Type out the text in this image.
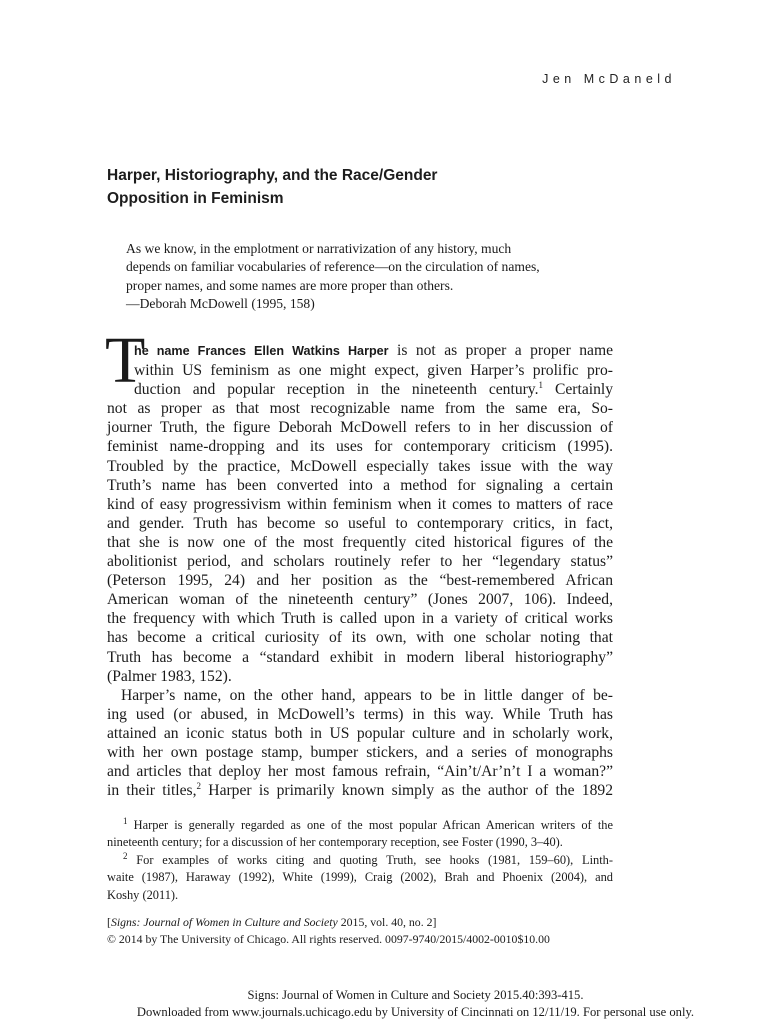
Jen McDaneld
Harper, Historiography, and the Race/Gender
Opposition in Feminism
As we know, in the emplotment or narrativization of any history, much
depends on familiar vocabularies of reference—on the circulation of names,
proper names, and some names are more proper than others.
—Deborah McDowell (1995, 158)
T
he name Frances Ellen Watkins Harper is not as proper a proper name
within US feminism as one might expect, given Harper’s prolific pro-
duction and popular reception in the nineteenth century.$^1$ Certainly
not as proper as that most recognizable name from the same era, So-
journer Truth, the figure Deborah McDowell refers to in her discussion of
feminist name-dropping and its uses for contemporary criticism (1995).
Troubled by the practice, McDowell especially takes issue with the way
Truth’s name has been converted into a method for signaling a certain
kind of easy progressivism within feminism when it comes to matters of race
and gender. Truth has become so useful to contemporary critics, in fact,
that she is now one of the most frequently cited historical figures of the
abolitionist period, and scholars routinely refer to her “legendary status”
(Peterson 1995, 24) and her position as the “best-remembered African
American woman of the nineteenth century” (Jones 2007, 106). Indeed,
the frequency with which Truth is called upon in a variety of critical works
has become a critical curiosity of its own, with one scholar noting that
Truth has become a “standard exhibit in modern liberal historiography”
(Palmer 1983, 152).
Harper’s name, on the other hand, appears to be in little danger of be-
ing used (or abused, in McDowell’s terms) in this way. While Truth has
attained an iconic status both in US popular culture and in scholarly work,
with her own postage stamp, bumper stickers, and a series of monographs
and articles that deploy her most famous refrain, “Ain’t/Ar’n’t I a woman?”
in their titles,$^2$ Harper is primarily known simply as the author of the 1892
$^1$ Harper is generally regarded as one of the most popular African American writers of the
nineteenth century; for a discussion of her contemporary reception, see Foster (1990, 3–40).
$^2$ For examples of works citing and quoting Truth, see hooks (1981, 159–60), Linth-
waite (1987), Haraway (1992), White (1999), Craig (2002), Brah and Phoenix (2004), and
Koshy (2011).
[Signs: Journal of Women in Culture and Society 2015, vol. 40, no. 2]
© 2014 by The University of Chicago. All rights reserved. 0097-9740/2015/4002-0010$10.00
Signs: Journal of Women in Culture and Society 2015.40:393-415.
Downloaded from www.journals.uchicago.edu by University of Cincinnati on 12/11/19. For personal use only.
